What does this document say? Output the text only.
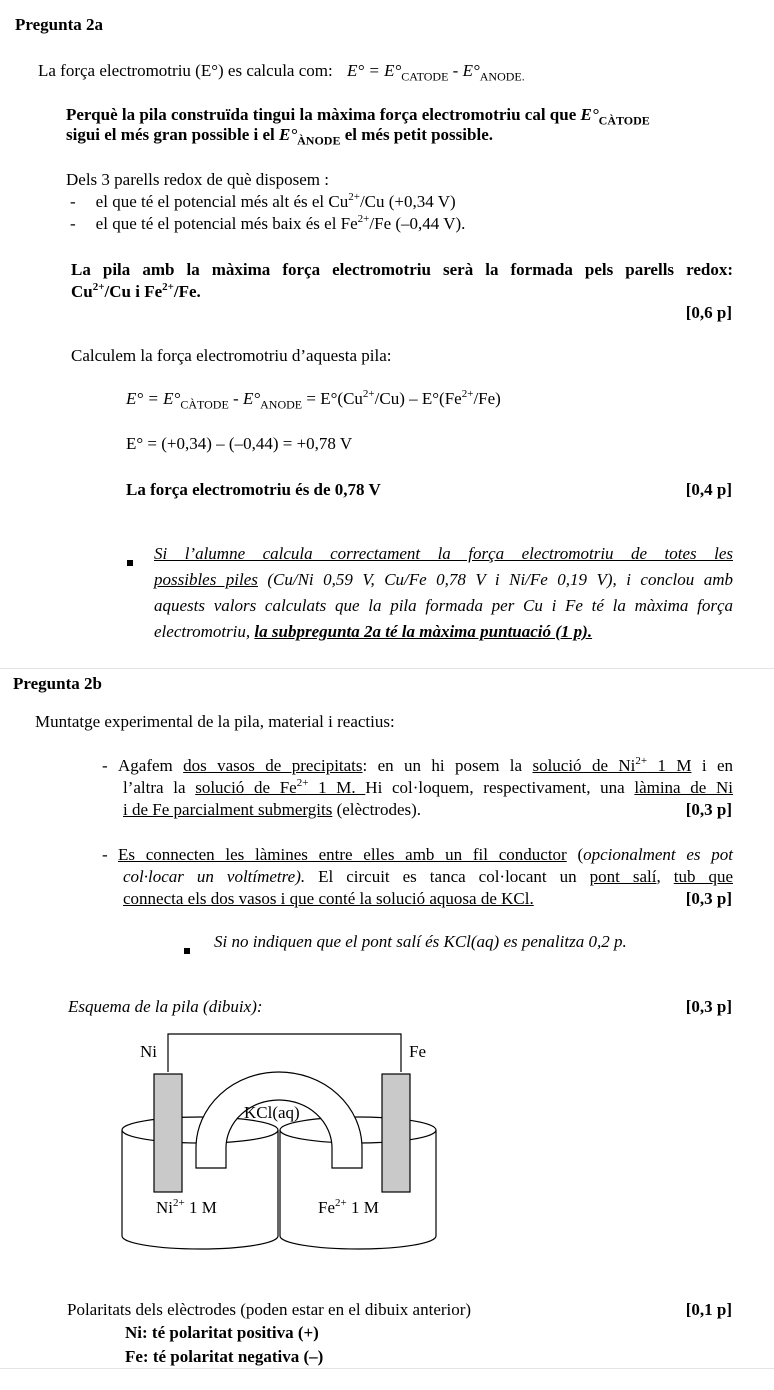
Pregunta 2a
La força electromotriu (E°) es calcula com: $E^\circ = E^\circ_{CATODE} - E^\circ_{ANODE.}$
Perquè la pila construïda tingui la màxima força electromotriu cal que $E^\circ_{CÀTODE}$
sigui el més gran possible i el $E^\circ_{ÀNODE}$ el més petit possible.
Dels 3 parells redox de què disposem :
- el que té el potencial més alt és el $Cu^{2+}/Cu$ (+0,34 V)
- el que té el potencial més baix és el $Fe^{2+}/Fe$ (–0,44 V).
La pila amb la màxima força electromotriu serà la formada pels parells redox:
$Cu^{2+}/Cu$ i $Fe^{2+}/Fe$.
[0,6 p]
Calculem la força electromotriu d’aquesta pila:
$E^\circ = E^\circ_{CÀTODE} - E^\circ_{ANODE} = E^\circ(Cu^{2+}/Cu) - E^\circ(Fe^{2+}/Fe)$
E° = (+0,34) – (–0,44) = +0,78 V
La força electromotriu és de 0,78 V	[0,4 p]
Si l’alumne calcula correctament la força electromotriu de totes les
possibles piles (Cu/Ni 0,59 V, Cu/Fe 0,78 V i Ni/Fe 0,19 V), i conclou amb
aquests valors calculats que la pila formada per Cu i Fe té la màxima força
electromotriu, la subpregunta 2a té la màxima puntuació (1 p).
Pregunta 2b
Muntatge experimental de la pila, material i reactius:
- Agafem dos vasos de precipitats: en un hi posem la solució de $Ni^{2+}$ 1 M i en
l’altra la solució de $Fe^{2+}$ 1 M. Hi col·loquem, respectivament, una làmina de Ni
i de Fe parcialment submergits (elèctrodes).	[0,3 p]
- Es connecten les làmines entre elles amb un fil conductor (opcionalment es pot
col·locar un voltímetre). El circuit es tanca col·locant un pont salí, tub que
connecta els dos vasos i que conté la solució aquosa de KCl.	[0,3 p]
Si no indiquen que el pont salí és KCl(aq) es penalitza 0,2 p.
Esquema de la pila (dibuix):	[0,3 p]
Ni	Fe
KCl(aq)
$Ni^{2+}$ 1 M	$Fe^{2+}$ 1 M
Polaritats dels elèctrodes (poden estar en el dibuix anterior)	[0,1 p]
Ni: té polaritat positiva (+)
Fe: té polaritat negativa (–)
